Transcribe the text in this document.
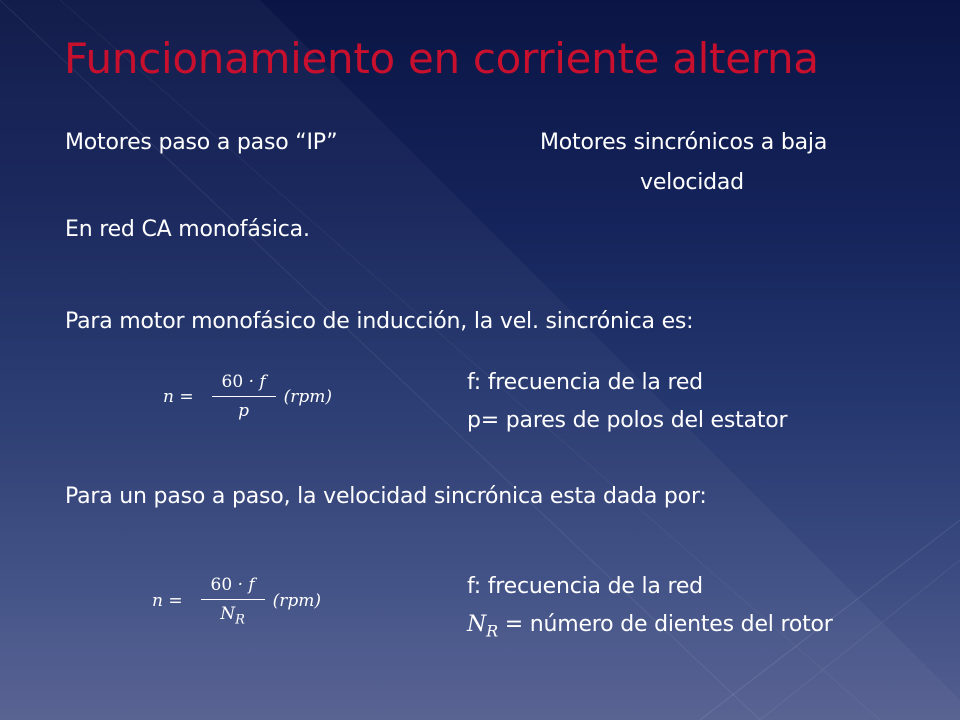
Funcionamiento en corriente alterna
Motores paso a paso “IP”	Motores sincrónicos a baja
velocidad
En red CA monofásica.
Para motor monofásico de inducción, la vel. sincrónica es:
$n = \frac{60 \cdot f}{p} (rpm)$
f: frecuencia de la red
p= pares de polos del estator
Para un paso a paso, la velocidad sincrónica esta dada por:
$n = \frac{60 \cdot f}{N_R} (rpm)$
f: frecuencia de la red
$N_R$ = número de dientes del rotor
